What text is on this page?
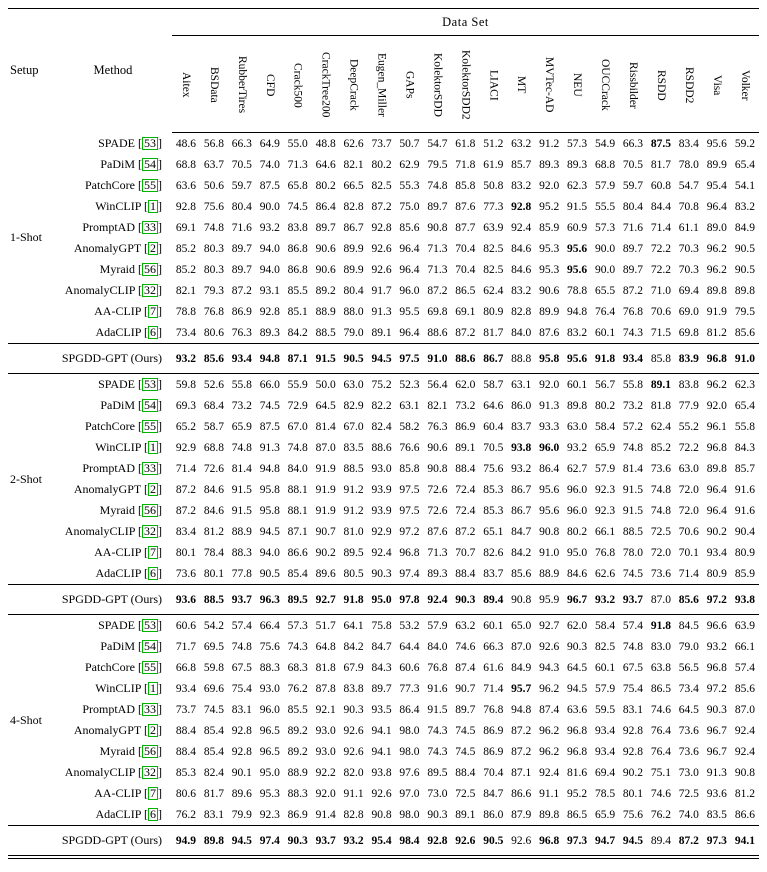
Setup	Method	Data Set																				

		Aitex	BSData	RubberTires	CFD	Crack500	CrackTree200	DeepCrack	Eugen_Miller	GAPs	KolektorSDD	KolektorSDD2	LIACI	MT	MVTec-AD	NEU	OUCCrack	Rissbilder	RSDD	RSDD2	Visa	Volker

1-Shot	SPADE [ 53 ]	48.6	56.8	66.3	64.9	55.0	48.8	62.6	73.7	50.7	54.7	61.8	51.2	63.2	91.2	57.3	54.9	66.3	87.5	83.4	95.6	59.2
	PaDiM [ 54 ]	68.8	63.7	70.5	74.0	71.3	64.6	82.1	80.2	62.9	79.5	71.8	61.9	85.7	89.3	89.3	68.8	70.5	81.7	78.0	89.9	65.4
	PatchCore [ 55 ]	63.6	50.6	59.7	87.5	65.8	80.2	66.5	82.5	55.3	74.8	85.8	50.8	83.2	92.0	62.3	57.9	59.7	60.8	54.7	95.4	54.1
	WinCLIP [ 1 ]	92.8	75.6	80.4	90.0	74.5	86.4	82.8	87.2	75.0	89.7	87.6	77.3	92.8	95.2	91.5	55.5	80.4	84.4	70.8	96.4	83.2
	PromptAD [ 33 ]	69.1	74.8	71.6	93.2	83.8	89.7	86.7	92.8	85.6	90.8	87.7	63.9	92.4	85.9	60.9	57.3	71.6	71.4	61.1	89.0	84.9
	AnomalyGPT [ 2 ]	85.2	80.3	89.7	94.0	86.8	90.6	89.9	92.6	96.4	71.3	70.4	82.5	84.6	95.3	95.6	90.0	89.7	72.2	70.3	96.2	90.5
	Myraid [ 56 ]	85.2	80.3	89.7	94.0	86.8	90.6	89.9	92.6	96.4	71.3	70.4	82.5	84.6	95.3	95.6	90.0	89.7	72.2	70.3	96.2	90.5
	AnomalyCLIP [ 32 ]	82.1	79.3	87.2	93.1	85.5	89.2	80.4	91.7	96.0	87.2	86.5	62.4	83.2	90.6	78.8	65.5	87.2	71.0	69.4	89.8	89.8
	AA-CLIP [ 7 ]	78.8	76.8	86.9	92.8	85.1	88.9	88.0	91.3	95.5	69.8	69.1	80.9	82.8	89.9	94.8	76.4	76.8	70.6	69.0	91.9	79.5
	AdaCLIP [ 6 ]	73.4	80.6	76.3	89.3	84.2	88.5	79.0	89.1	96.4	88.6	87.2	81.7	84.0	87.6	83.2	60.1	74.3	71.5	69.8	81.2	85.6
	SPGDD-GPT (Ours)	93.2	85.6	93.4	94.8	87.1	91.5	90.5	94.5	97.5	91.0	88.6	86.7	88.8	95.8	95.6	91.8	93.4	85.8	83.9	96.8	91.0
2-Shot	SPADE [ 53 ]	59.8	52.6	55.8	66.0	55.9	50.0	63.0	75.2	52.3	56.4	62.0	58.7	63.1	92.0	60.1	56.7	55.8	89.1	83.8	96.2	62.3
	PaDiM [ 54 ]	69.3	68.4	73.2	74.5	72.9	64.5	82.9	82.2	63.1	82.1	73.2	64.6	86.0	91.3	89.8	80.2	73.2	81.8	77.9	92.0	65.4
	PatchCore [ 55 ]	65.2	58.7	65.9	87.5	67.0	81.4	67.0	82.4	58.2	76.3	86.9	60.4	83.7	93.3	63.0	58.4	57.2	62.4	55.2	96.1	55.8
	WinCLIP [ 1 ]	92.9	68.8	74.8	91.3	74.8	87.0	83.5	88.6	76.6	90.6	89.1	70.5	93.8	96.0	93.2	65.9	74.8	85.2	72.2	96.8	84.3
	PromptAD [ 33 ]	71.4	72.6	81.4	94.8	84.0	91.9	88.5	93.0	85.8	90.8	88.4	75.6	93.2	86.4	62.7	57.9	81.4	73.6	63.0	89.8	85.7
	AnomalyGPT [ 2 ]	87.2	84.6	91.5	95.8	88.1	91.9	91.2	93.9	97.5	72.6	72.4	85.3	86.7	95.6	96.0	92.3	91.5	74.8	72.0	96.4	91.6
	Myraid [ 56 ]	87.2	84.6	91.5	95.8	88.1	91.9	91.2	93.9	97.5	72.6	72.4	85.3	86.7	95.6	96.0	92.3	91.5	74.8	72.0	96.4	91.6
	AnomalyCLIP [ 32 ]	83.4	81.2	88.9	94.5	87.1	90.7	81.0	92.9	97.2	87.6	87.2	65.1	84.7	90.8	80.2	66.1	88.5	72.5	70.6	90.2	90.4
	AA-CLIP [ 7 ]	80.1	78.4	88.3	94.0	86.6	90.2	89.5	92.4	96.8	71.3	70.7	82.6	84.2	91.0	95.0	76.8	78.0	72.0	70.1	93.4	80.9
	AdaCLIP [ 6 ]	73.6	80.1	77.8	90.5	85.4	89.6	80.5	90.3	97.4	89.3	88.4	83.7	85.6	88.9	84.6	62.6	74.5	73.6	71.4	80.9	85.9
	SPGDD-GPT (Ours)	93.6	88.5	93.7	96.3	89.5	92.7	91.8	95.0	97.8	92.4	90.3	89.4	90.8	95.9	96.7	93.2	93.7	87.0	85.6	97.2	93.8
4-Shot	SPADE [ 53 ]	60.6	54.2	57.4	66.4	57.3	51.7	64.1	75.8	53.2	57.9	63.2	60.1	65.0	92.7	62.0	58.4	57.4	91.8	84.5	96.6	63.9
	PaDiM [ 54 ]	71.7	69.5	74.8	75.6	74.3	64.8	84.2	84.7	64.4	84.0	74.6	66.3	87.0	92.6	90.3	82.5	74.8	83.0	79.0	93.2	66.1
	PatchCore [ 55 ]	66.8	59.8	67.5	88.3	68.3	81.8	67.9	84.3	60.6	76.8	87.4	61.6	84.9	94.3	64.5	60.1	67.5	63.8	56.5	96.8	57.4
	WinCLIP [ 1 ]	93.4	69.6	75.4	93.0	76.2	87.8	83.8	89.7	77.3	91.6	90.7	71.4	95.7	96.2	94.5	57.9	75.4	86.5	73.4	97.2	85.6
	PromptAD [ 33 ]	73.7	74.5	83.1	96.0	85.5	92.1	90.3	93.5	86.4	91.5	89.7	76.8	94.8	87.4	63.6	59.5	83.1	74.6	64.5	90.3	87.0
	AnomalyGPT [ 2 ]	88.4	85.4	92.8	96.5	89.2	93.0	92.6	94.1	98.0	74.3	74.5	86.9	87.2	96.2	96.8	93.4	92.8	76.4	73.6	96.7	92.4
	Myraid [ 56 ]	88.4	85.4	92.8	96.5	89.2	93.0	92.6	94.1	98.0	74.3	74.5	86.9	87.2	96.2	96.8	93.4	92.8	76.4	73.6	96.7	92.4
	AnomalyCLIP [ 32 ]	85.3	82.4	90.1	95.0	88.9	92.2	82.0	93.8	97.6	89.5	88.4	70.4	87.1	92.4	81.6	69.4	90.2	75.1	73.0	91.3	90.8
	AA-CLIP [ 7 ]	80.6	81.7	89.6	95.3	88.3	92.0	91.1	92.6	97.0	73.0	72.5	84.7	86.6	91.1	95.2	78.5	80.1	74.6	72.5	93.6	81.2
	AdaCLIP [ 6 ]	76.2	83.1	79.9	92.3	86.9	91.4	82.8	90.8	98.0	90.3	89.1	86.0	87.9	89.8	86.5	65.9	75.6	76.2	74.0	83.5	86.6
	SPGDD-GPT (Ours)	94.9	89.8	94.5	97.4	90.3	93.7	93.2	95.4	98.4	92.8	92.6	90.5	92.6	96.8	97.3	94.7	94.5	89.4	87.2	97.3	94.1
